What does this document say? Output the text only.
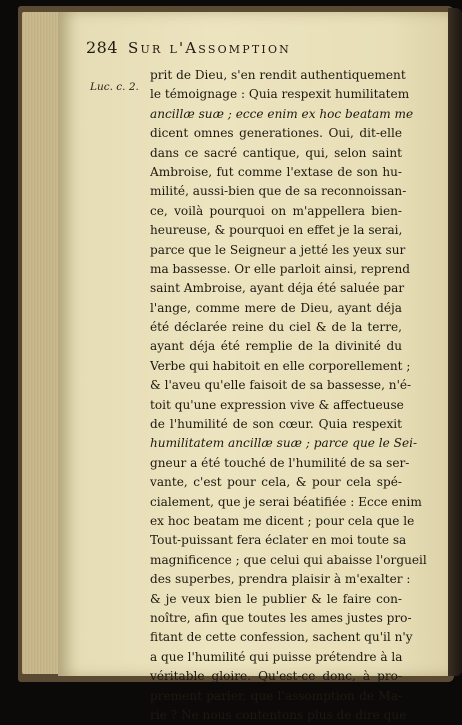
284 Sur l'Assomption
Luc. c. 2.
prit de Dieu, s'en rendit authentiquement
le témoignage : Quia respexit humilitatem
ancillæ suæ ; ecce enim ex hoc beatam me
dicent omnes generationes. Oui, dit-elle
dans ce sacré cantique, qui, selon saint
Ambroise, fut comme l'extase de son hu-
milité, aussi-bien que de sa reconnoissan-
ce, voilà pourquoi on m'appellera bien-
heureuse, & pourquoi en effet je la serai,
parce que le Seigneur a jetté les yeux sur
ma bassesse. Or elle parloit ainsi, reprend
saint Ambroise, ayant déja été saluée par
l'ange, comme mere de Dieu, ayant déja
été déclarée reine du ciel & de la terre,
ayant déja été remplie de la divinité du
Verbe qui habitoit en elle corporellement ;
& l'aveu qu'elle faisoit de sa bassesse, n'é-
toit qu'une expression vive & affectueuse
de l'humilité de son cœur. Quia respexit
humilitatem ancillæ suæ ; parce que le Sei-
gneur a été touché de l'humilité de sa ser-
vante, c'est pour cela, & pour cela spé-
cialement, que je serai béatifiée : Ecce enim
ex hoc beatam me dicent ; pour cela que le
Tout-puissant fera éclater en moi toute sa
magnificence ; que celui qui abaisse l'orgueil
des superbes, prendra plaisir à m'exalter :
& je veux bien le publier & le faire con-
noître, afin que toutes les ames justes pro-
fitant de cette confession, sachent qu'il n'y
a que l'humilité qui puisse prétendre à la
véritable gloire. Qu'est-ce donc, à pro-
prement parler, que l'assomption de Ma-
rie ? Ne nous contentons plus de dire que
